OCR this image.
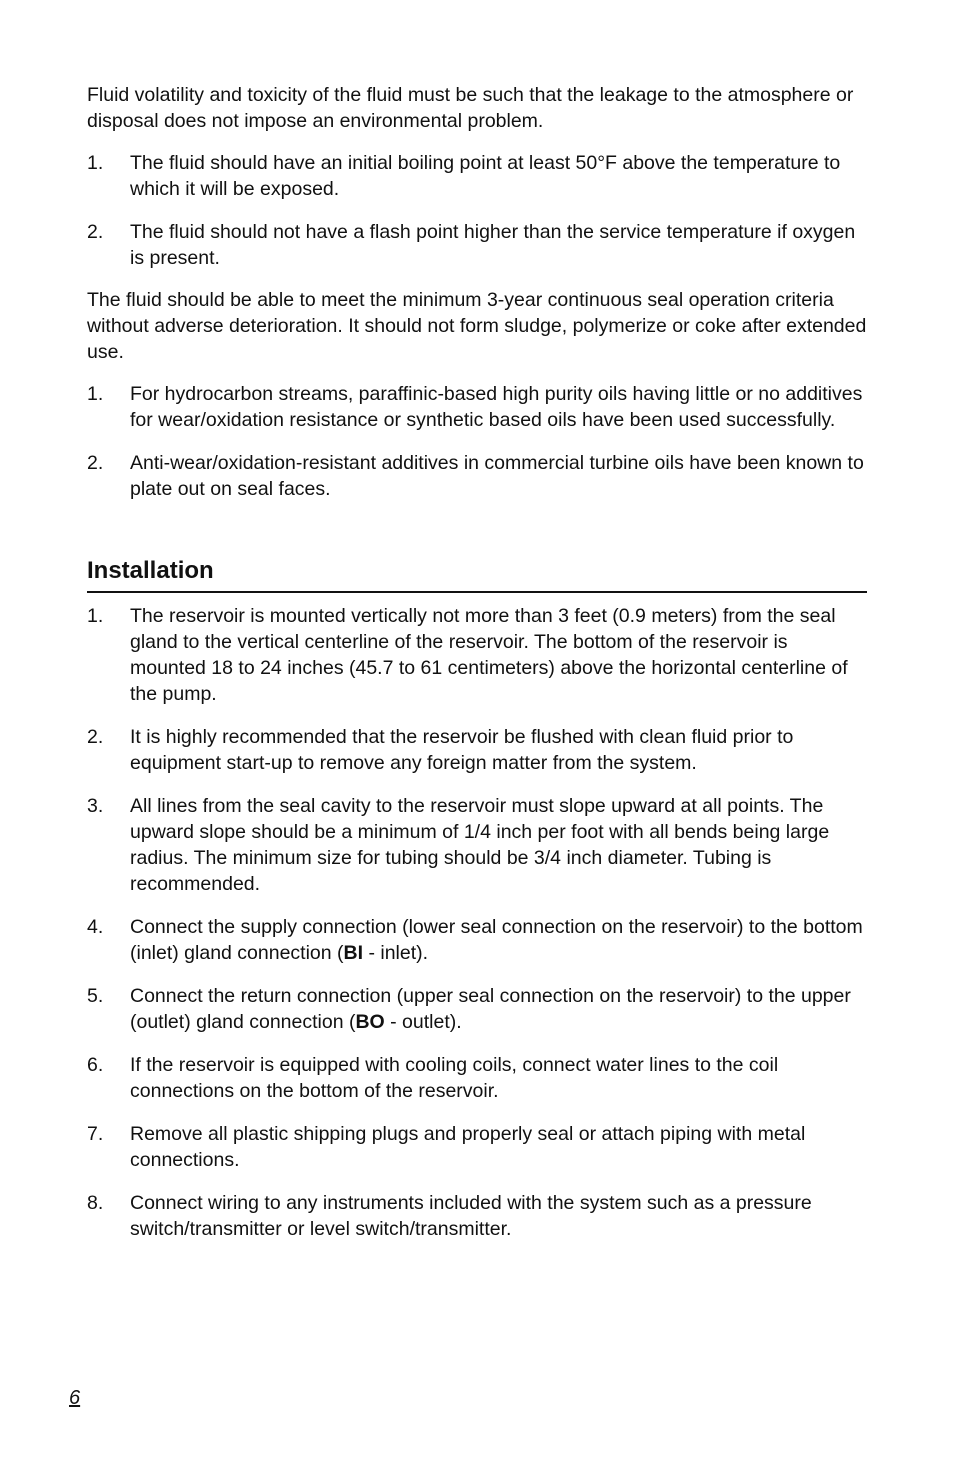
Fluid volatility and toxicity of the fluid must be such that the leakage to the atmosphere or disposal does not impose an environmental problem.

1. The fluid should have an initial boiling point at least 50°F above the temperature to which it will be exposed.
2. The fluid should not have a flash point higher than the service temperature if oxygen is present.

The fluid should be able to meet the minimum 3-year continuous seal operation criteria without adverse deterioration. It should not form sludge, polymerize or coke after extended use.

1. For hydrocarbon streams, paraffinic-based high purity oils having little or no additives for wear/oxidation resistance or synthetic based oils have been used successfully.
2. Anti-wear/oxidation-resistant additives in commercial turbine oils have been known to plate out on seal faces.
Installation
1. The reservoir is mounted vertically not more than 3 feet (0.9 meters) from the seal gland to the vertical centerline of the reservoir. The bottom of the reservoir is mounted 18 to 24 inches (45.7 to 61 centimeters) above the horizontal centerline of the pump.
2. It is highly recommended that the reservoir be flushed with clean fluid prior to equipment start-up to remove any foreign matter from the system.
3. All lines from the seal cavity to the reservoir must slope upward at all points. The upward slope should be a minimum of 1/4 inch per foot with all bends being large radius. The minimum size for tubing should be 3/4 inch diameter. Tubing is recommended.
4. Connect the supply connection (lower seal connection on the reservoir) to the bottom (inlet) gland connection (BI - inlet).
5. Connect the return connection (upper seal connection on the reservoir) to the upper (outlet) gland connection (BO - outlet).
6. If the reservoir is equipped with cooling coils, connect water lines to the coil connections on the bottom of the reservoir.
7. Remove all plastic shipping plugs and properly seal or attach piping with metal connections.
8. Connect wiring to any instruments included with the system such as a pressure switch/transmitter or level switch/transmitter.
6
